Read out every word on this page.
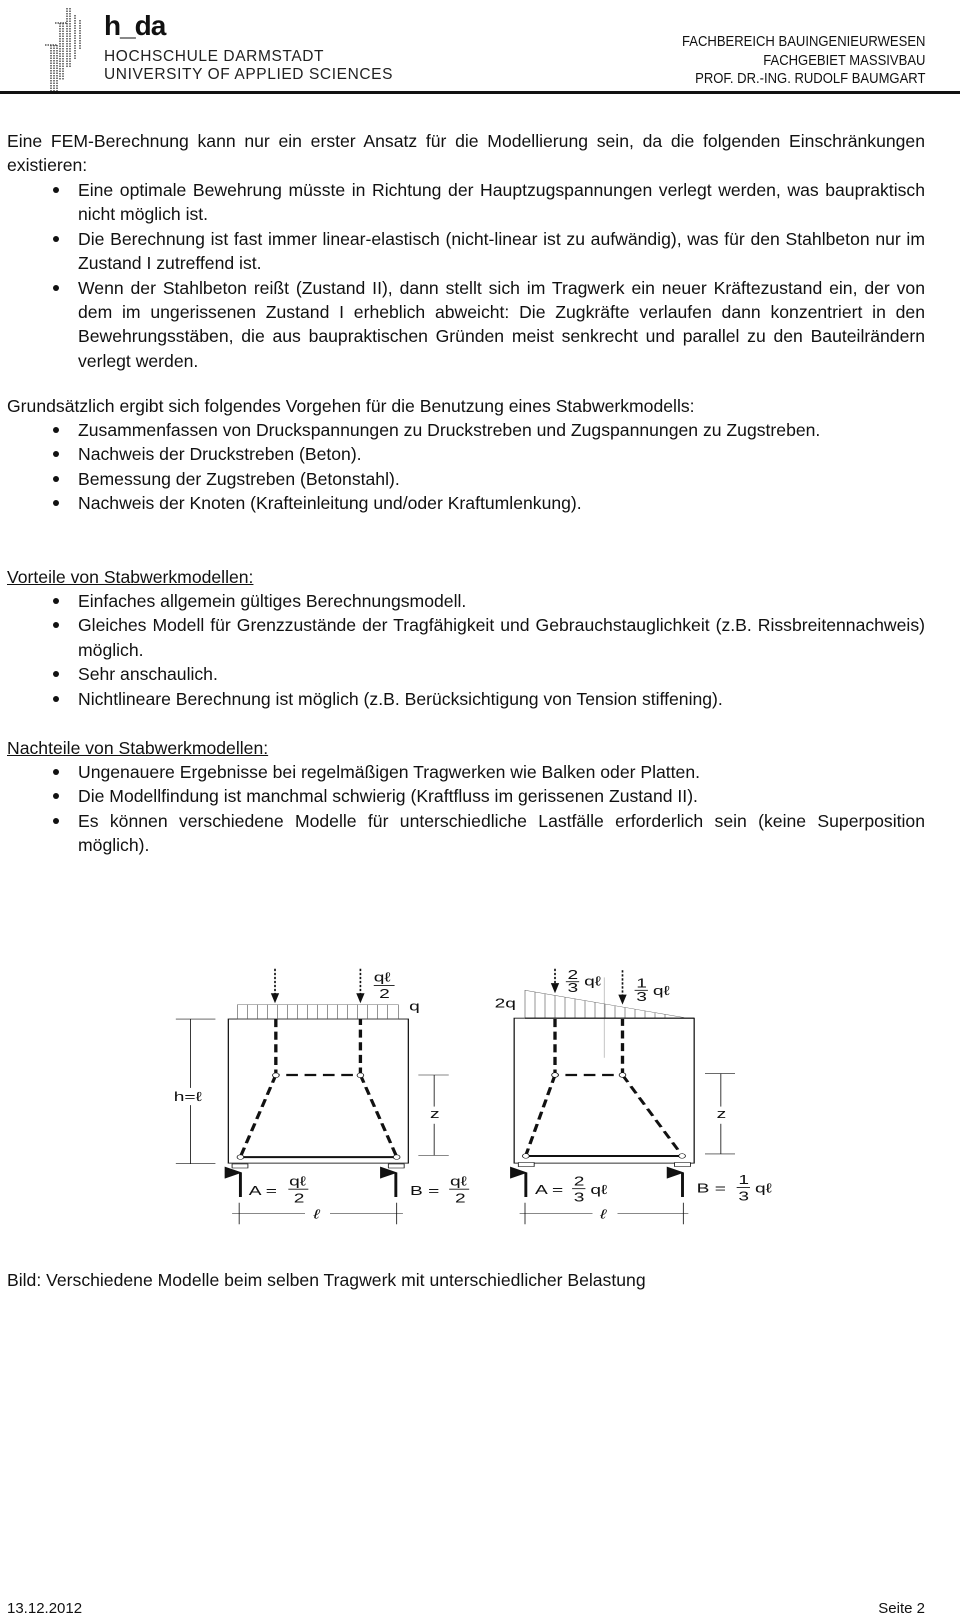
h_da
HOCHSCHULE DARMSTADT
UNIVERSITY OF APPLIED SCIENCES
FACHBEREICH BAUINGENIEURWESEN
FACHGEBIET MASSIVBAU
PROF. DR.-ING. RUDOLF BAUMGART
Eine FEM-Berechnung kann nur ein erster Ansatz für die Modellierung sein, da die folgenden Einschränkungen existieren:
Eine optimale Bewehrung müsste in Richtung der Hauptzugspannungen verlegt werden, was baupraktisch nicht möglich ist.
Die Berechnung ist fast immer linear-elastisch (nicht-linear ist zu aufwändig), was für den Stahlbeton nur im Zustand I zutreffend ist.
Wenn der Stahlbeton reißt (Zustand II), dann stellt sich im Tragwerk ein neuer Kräftezustand ein, der von dem im ungerissenen Zustand I erheblich abweicht: Die Zugkräfte verlaufen dann konzentriert in den Bewehrungsstäben, die aus baupraktischen Gründen meist senkrecht und parallel zu den Bauteilrändern verlegt werden.
Grundsätzlich ergibt sich folgendes Vorgehen für die Benutzung eines Stabwerkmodells:
Zusammenfassen von Druckspannungen zu Druckstreben und Zugspannungen zu Zugstreben.
Nachweis der Druckstreben (Beton).
Bemessung der Zugstreben (Betonstahl).
Nachweis der Knoten (Krafteinleitung und/oder Kraftumlenkung).
Vorteile von Stabwerkmodellen:
Einfaches allgemein gültiges Berechnungsmodell.
Gleiches Modell für Grenzzustände der Tragfähigkeit und Gebrauchstauglichkeit (z.B. Rissbreitennachweis) möglich.
Sehr anschaulich.
Nichtlineare Berechnung ist möglich (z.B. Berücksichtigung von Tension stiffening).
Nachteile von Stabwerkmodellen:
Ungenauere Ergebnisse bei regelmäßigen Tragwerken wie Balken oder Platten.
Die Modellfindung ist manchmal schwierig (Kraftfluss im gerissenen Zustand II).
Es können verschiedene Modelle für unterschiedliche Lastfälle erforderlich sein (keine Superposition möglich).
q
qℓ
2
h=ℓ
z
A =
qℓ
2
B =
qℓ
2
ℓ
2q
2
3 qℓ 1
3 qℓ
z
A =
2
3 qℓ B =
1
3
qℓ
ℓ
Bild: Verschiedene Modelle beim selben Tragwerk mit unterschiedlicher Belastung
13.12.2012	Seite 2
